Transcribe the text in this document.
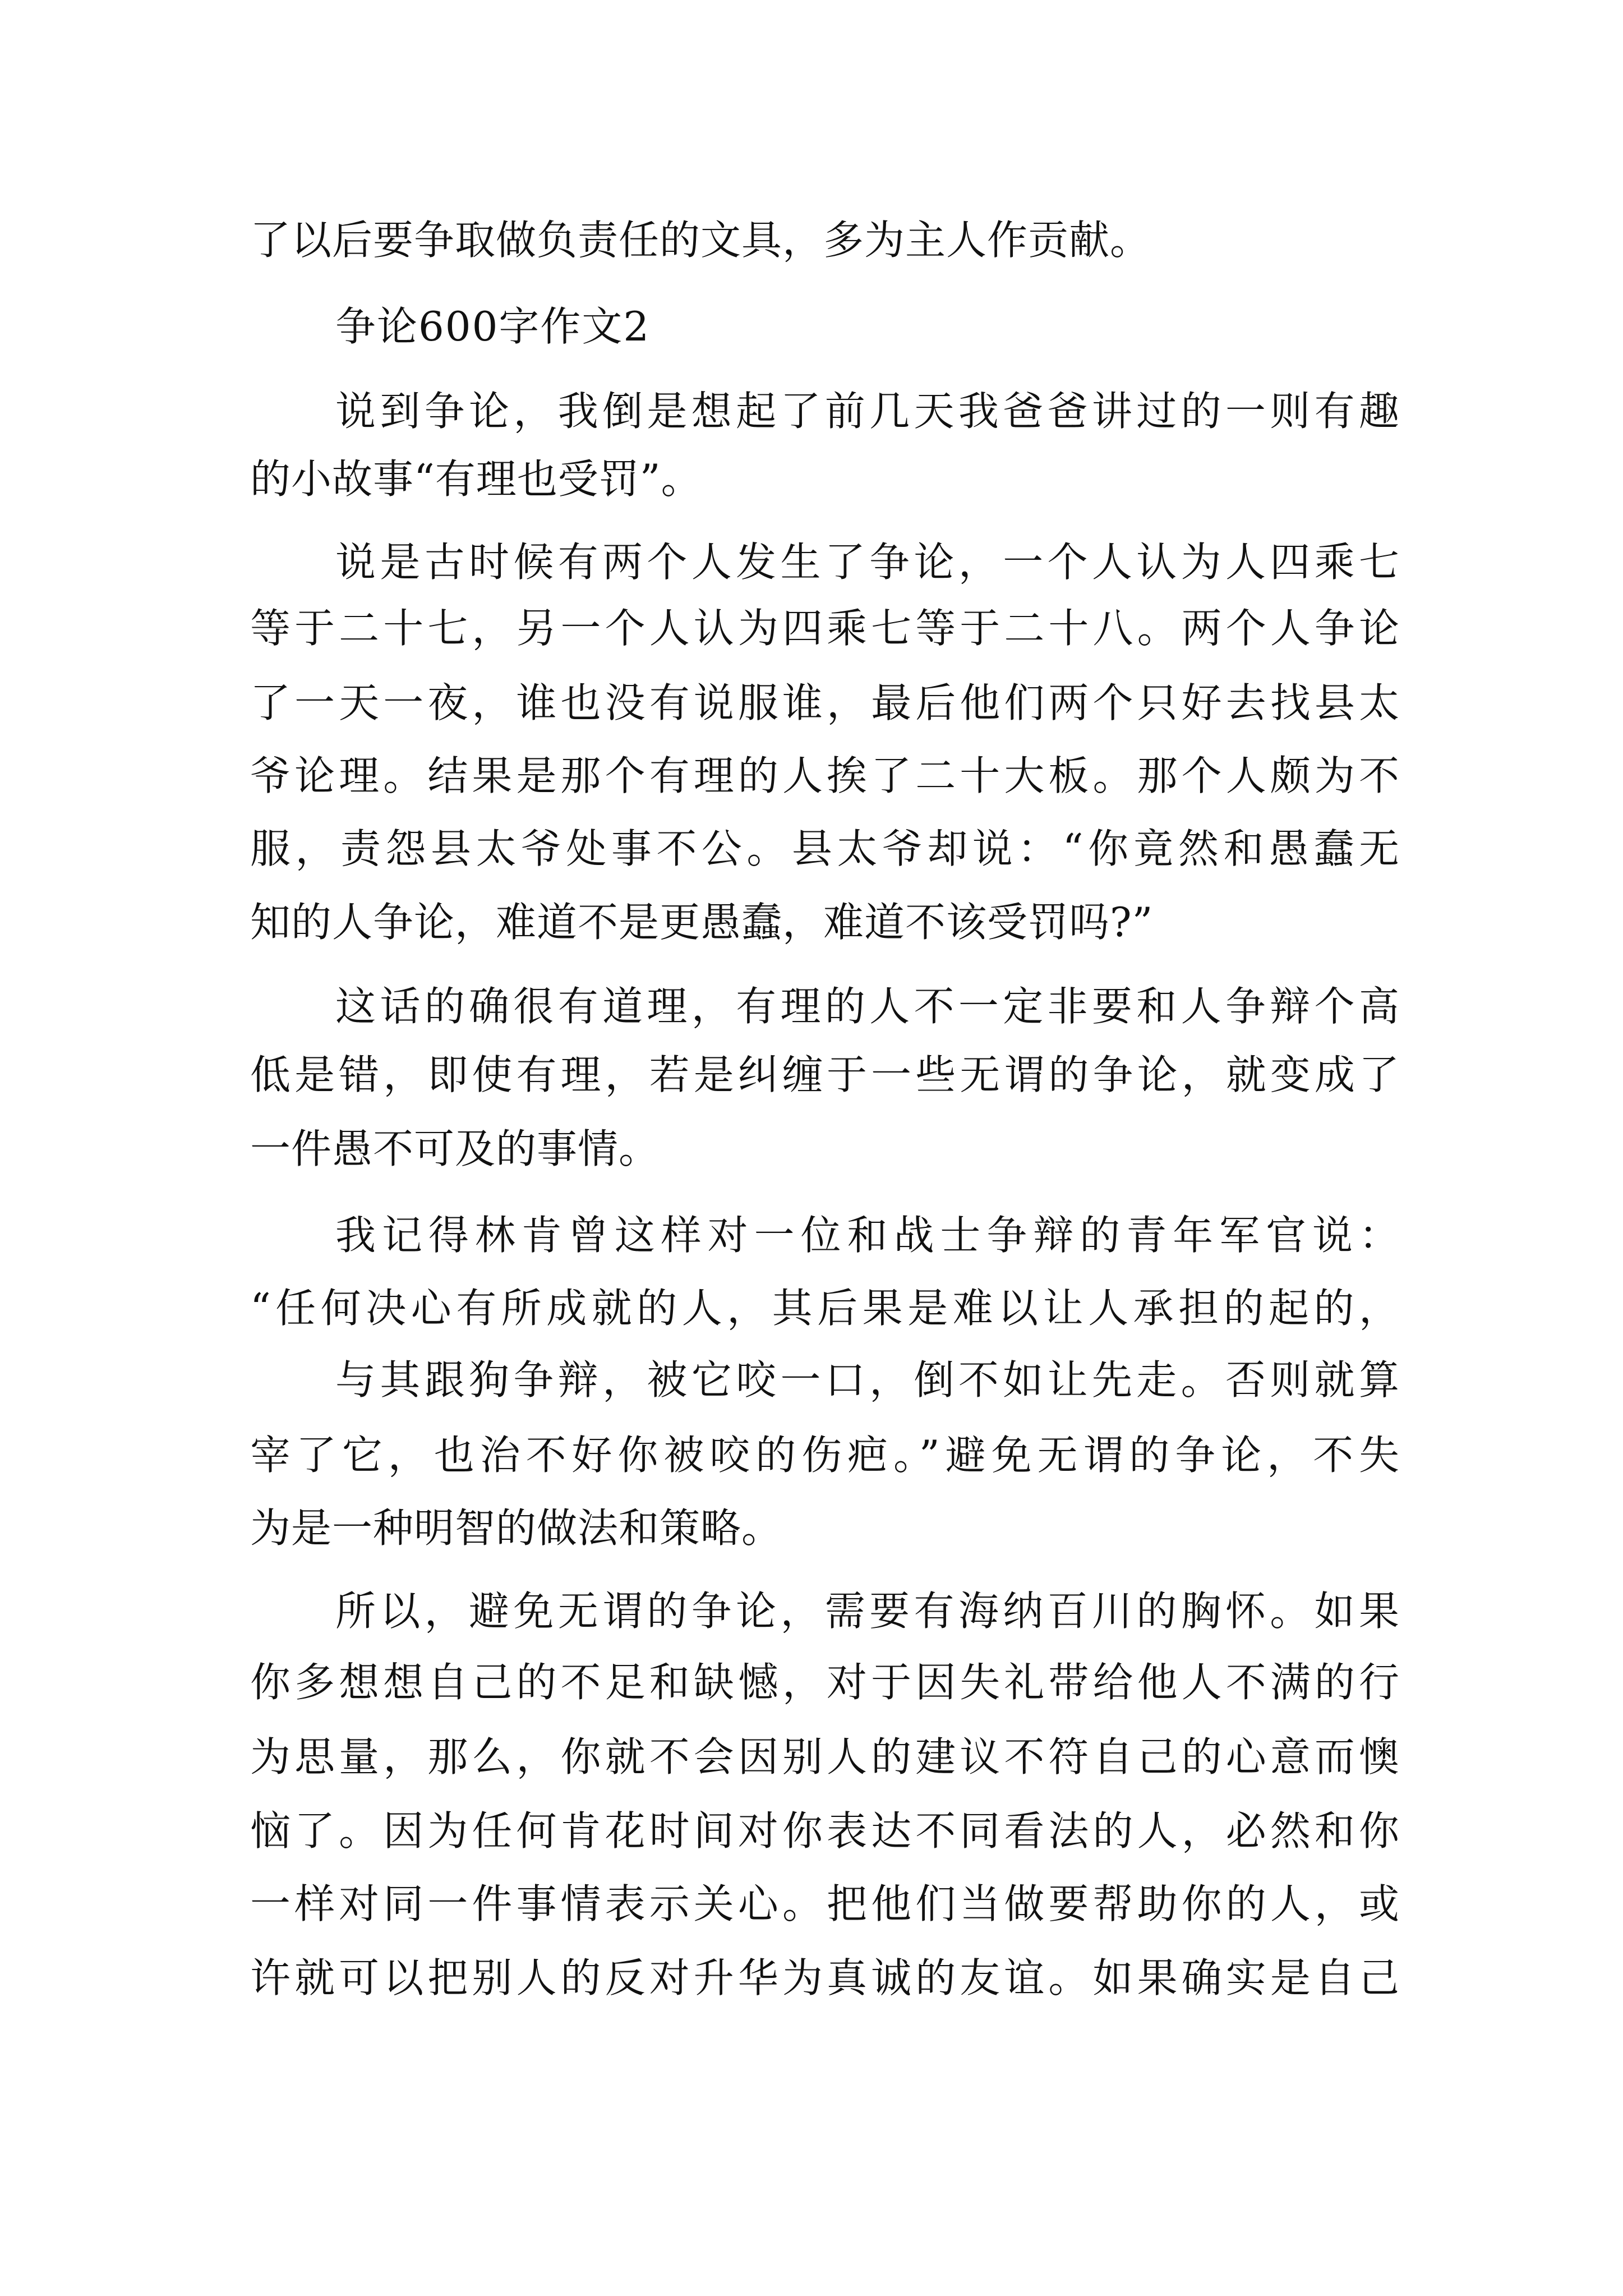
了以后要争取做负责任的文具，多为主人作贡献。
争论600字作文2
说到争论，我倒是想起了前几天我爸爸讲过的一则有趣
的小故事“有理也受罚”。
说是古时候有两个人发生了争论，一个人认为人四乘七
等于二十七，另一个人认为四乘七等于二十八。两个人争论
了一天一夜，谁也没有说服谁，最后他们两个只好去找县太
爷论理。结果是那个有理的人挨了二十大板。那个人颇为不
服，责怨县太爷处事不公。县太爷却说：“你竟然和愚蠢无
知的人争论，难道不是更愚蠢，难道不该受罚吗?”
这话的确很有道理，有理的人不一定非要和人争辩个高
低是错，即使有理，若是纠缠于一些无谓的争论，就变成了
一件愚不可及的事情。
我记得林肯曾这样对一位和战士争辩的青年军官说：
“任何决心有所成就的人，其后果是难以让人承担的起的，
与其跟狗争辩，被它咬一口，倒不如让先走。否则就算
宰了它，也治不好你被咬的伤疤。”避免无谓的争论，不失
为是一种明智的做法和策略。
所以，避免无谓的争论，需要有海纳百川的胸怀。如果
你多想想自己的不足和缺憾，对于因失礼带给他人不满的行
为思量，那么，你就不会因别人的建议不符自己的心意而懊
恼了。因为任何肯花时间对你表达不同看法的人，必然和你
一样对同一件事情表示关心。把他们当做要帮助你的人，或
许就可以把别人的反对升华为真诚的友谊。如果确实是自己
